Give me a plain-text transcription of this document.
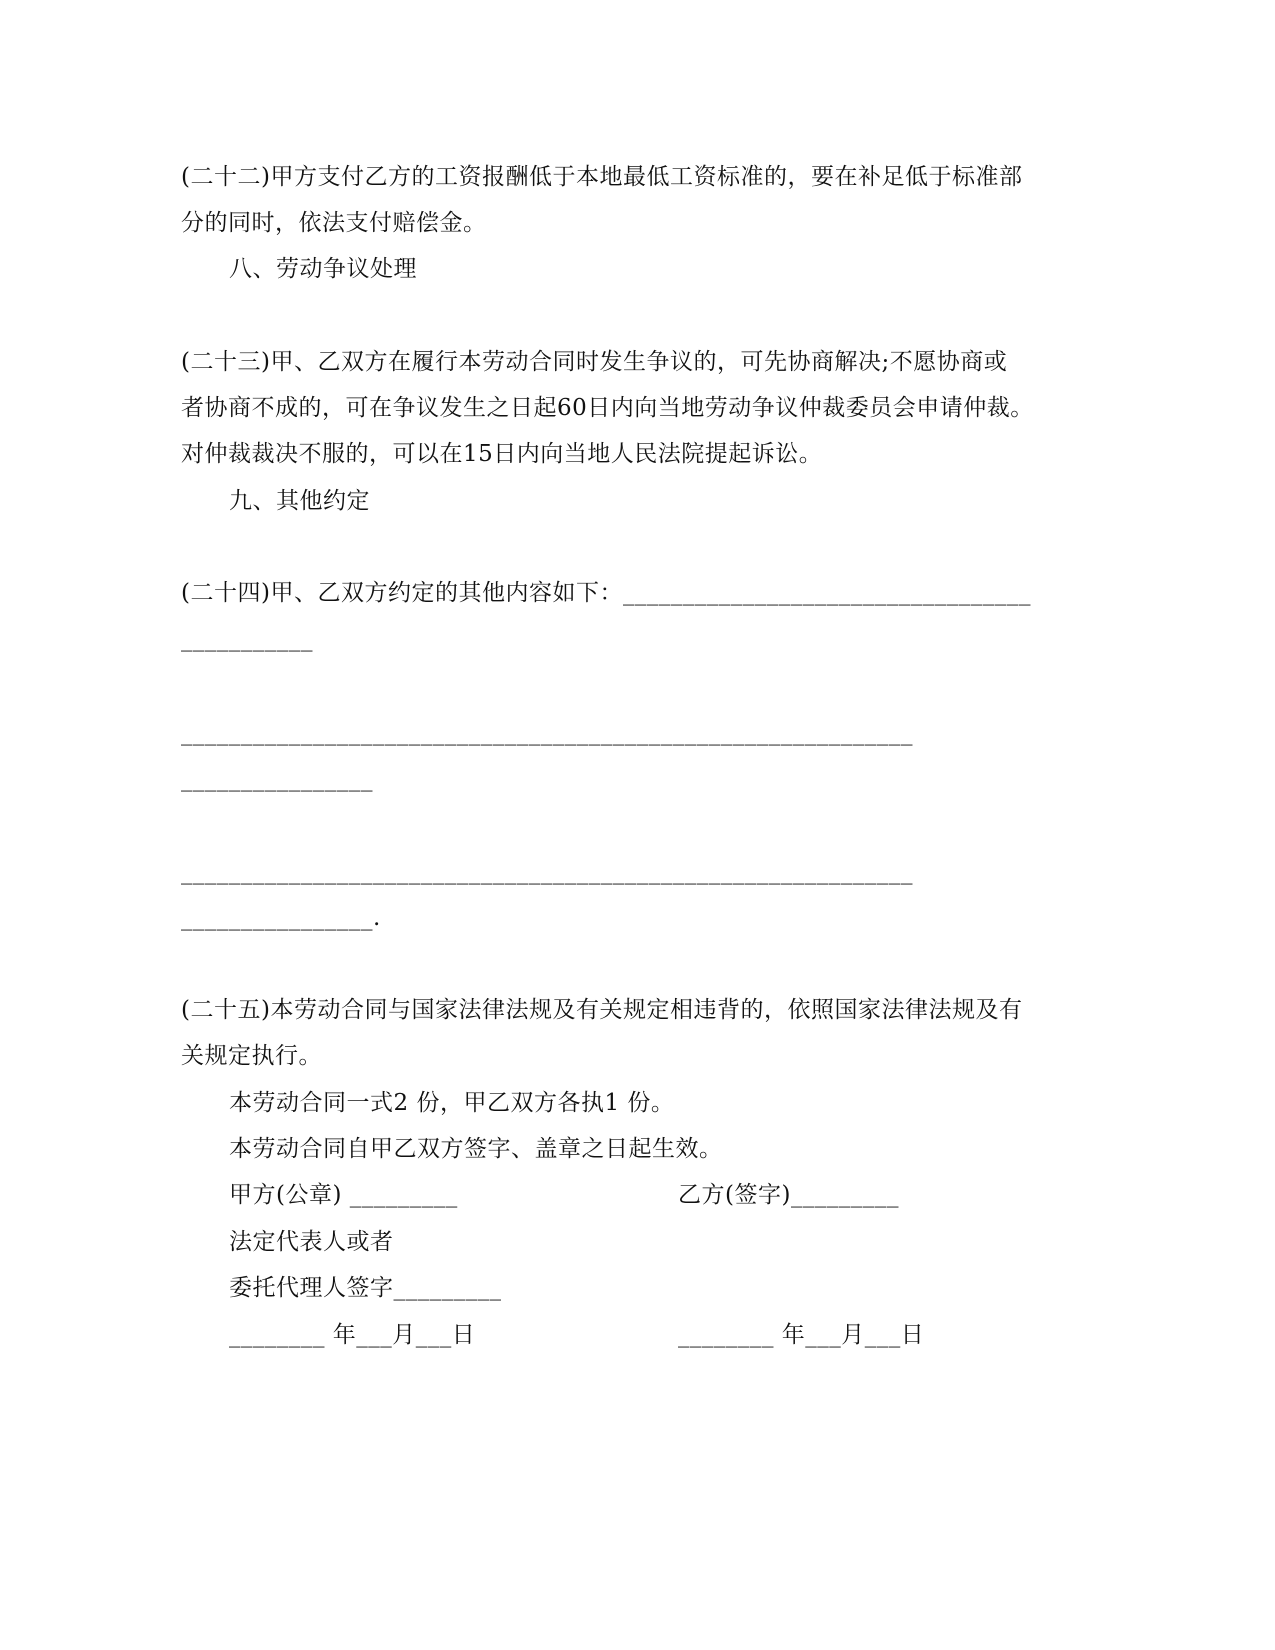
(二十二)甲方支付乙方的工资报酬低于本地最低工资标准的，要在补足低于标准部
分的同时，依法支付赔偿金。
八、劳动争议处理
(二十三)甲、乙双方在履行本劳动合同时发生争议的，可先协商解决;不愿协商或
者协商不成的，可在争议发生之日起60日内向当地劳动争议仲裁委员会申请仲裁。
对仲裁裁决不服的，可以在15日内向当地人民法院提起诉讼。
九、其他约定
(二十四)甲、乙双方约定的其他内容如下：__________________________________
___________
_____________________________________________________________
________________
_____________________________________________________________
________________.
(二十五)本劳动合同与国家法律法规及有关规定相违背的，依照国家法律法规及有
关规定执行。
本劳动合同一式2 份，甲乙双方各执1 份。
本劳动合同自甲乙双方签字、盖章之日起生效。
甲方(公章) _________	乙方(签字)_________
法定代表人或者
委托代理人签字_________
________ 年___月___日	________ 年___月___日
